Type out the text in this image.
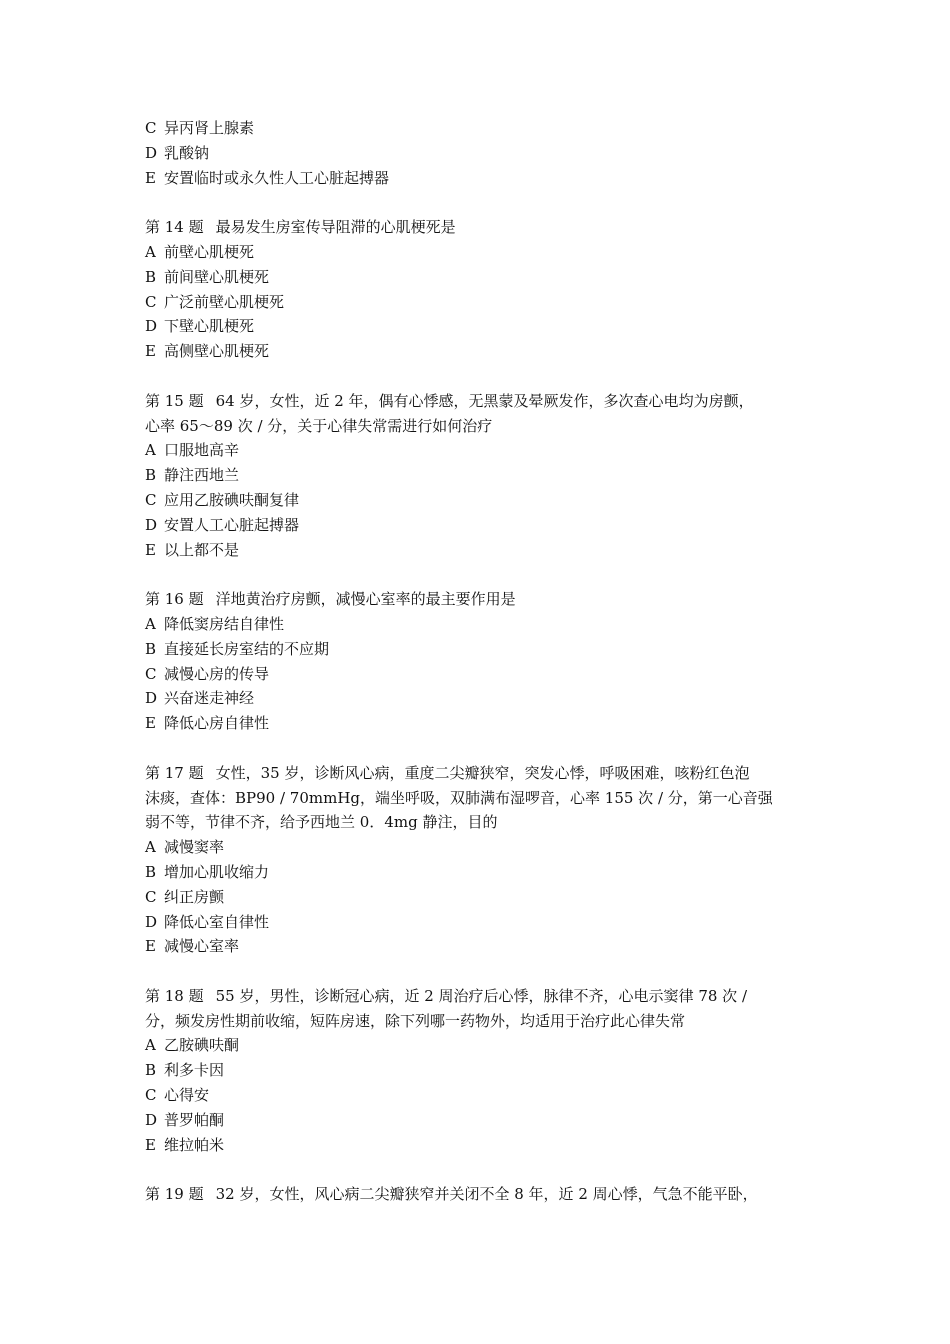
C 异丙肾上腺素
D 乳酸钠
E 安置临时或永久性人工心脏起搏器
第 14 题 最易发生房室传导阻滞的心肌梗死是
A 前壁心肌梗死
B 前间壁心肌梗死
C 广泛前壁心肌梗死
D 下壁心肌梗死
E 高侧壁心肌梗死
第 15 题 64 岁，女性，近 2 年，偶有心悸感，无黑蒙及晕厥发作，多次查心电均为房颤，
心率 65～89 次 / 分，关于心律失常需进行如何治疗
A 口服地高辛
B 静注西地兰
C 应用乙胺碘呋酮复律
D 安置人工心脏起搏器
E 以上都不是
第 16 题 洋地黄治疗房颤，减慢心室率的最主要作用是
A 降低窦房结自律性
B 直接延长房室结的不应期
C 减慢心房的传导
D 兴奋迷走神经
E 降低心房自律性
第 17 题 女性，35 岁，诊断风心病，重度二尖瓣狭窄，突发心悸，呼吸困难，咳粉红色泡
沫痰，查体：BP90 / 70mmHg，端坐呼吸，双肺满布湿啰音，心率 155 次 / 分，第一心音强
弱不等，节律不齐，给予西地兰 0．4mg 静注，目的
A 减慢窦率
B 增加心肌收缩力
C 纠正房颤
D 降低心室自律性
E 减慢心室率
第 18 题 55 岁，男性，诊断冠心病，近 2 周治疗后心悸，脉律不齐，心电示窦律 78 次 /
分，频发房性期前收缩，短阵房速，除下列哪一药物外，均适用于治疗此心律失常
A 乙胺碘呋酮
B 利多卡因
C 心得安
D 普罗帕酮
E 维拉帕米
第 19 题 32 岁，女性，风心病二尖瓣狭窄并关闭不全 8 年，近 2 周心悸，气急不能平卧，
